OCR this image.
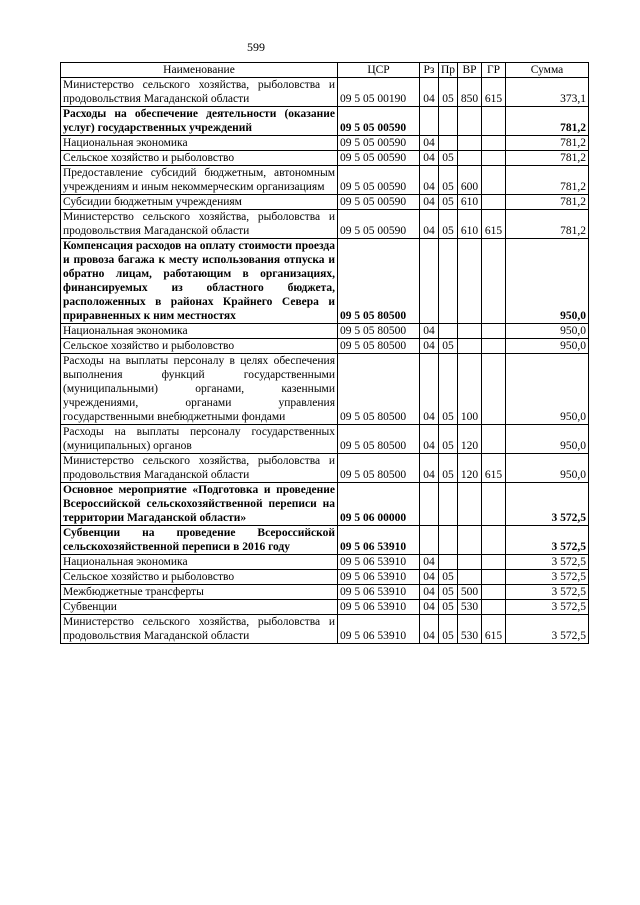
599
Наименование	ЦСР	Рз	Пр	ВР	ГР	Сумма
Министерство сельского хозяйства, рыболовства и продовольствия Магаданской области	09 5 05 00190	04	05	850	615	373,1
Расходы на обеспечение деятельности (оказание услуг) государственных учреждений	09 5 05 00590					781,2
Национальная экономика	09 5 05 00590	04				781,2
Сельское хозяйство и рыболовство	09 5 05 00590	04	05			781,2
Предоставление субсидий бюджетным, автономным учреждениям и иным некоммерческим организациям	09 5 05 00590	04	05	600		781,2
Субсидии бюджетным учреждениям	09 5 05 00590	04	05	610		781,2
Министерство сельского хозяйства, рыболовства и продовольствия Магаданской области	09 5 05 00590	04	05	610	615	781,2
Компенсация расходов на оплату стоимости проезда и провоза багажа к месту использования отпуска и обратно лицам, работающим в организациях, финансируемых из областного бюджета, расположенных в районах Крайнего Севера и приравненных к ним местностях	09 5 05 80500					950,0
Национальная экономика	09 5 05 80500	04				950,0
Сельское хозяйство и рыболовство	09 5 05 80500	04	05			950,0
Расходы на выплаты персоналу в целях обеспечения выполнения функций государственными (муниципальными) органами, казенными учреждениями, органами управления государственными внебюджетными фондами	09 5 05 80500	04	05	100		950,0
Расходы на выплаты персоналу государственных (муниципальных) органов	09 5 05 80500	04	05	120		950,0
Министерство сельского хозяйства, рыболовства и продовольствия Магаданской области	09 5 05 80500	04	05	120	615	950,0
Основное мероприятие «Подготовка и проведение Всероссийской сельскохозяйственной переписи на территории Магаданской области»	09 5 06 00000					3 572,5
Субвенции на проведение Всероссийской сельскохозяйственной переписи в 2016 году	09 5 06 53910					3 572,5
Национальная экономика	09 5 06 53910	04				3 572,5
Сельское хозяйство и рыболовство	09 5 06 53910	04	05			3 572,5
Межбюджетные трансферты	09 5 06 53910	04	05	500		3 572,5
Субвенции	09 5 06 53910	04	05	530		3 572,5
Министерство сельского хозяйства, рыболовства и продовольствия Магаданской области	09 5 06 53910	04	05	530	615	3 572,5
